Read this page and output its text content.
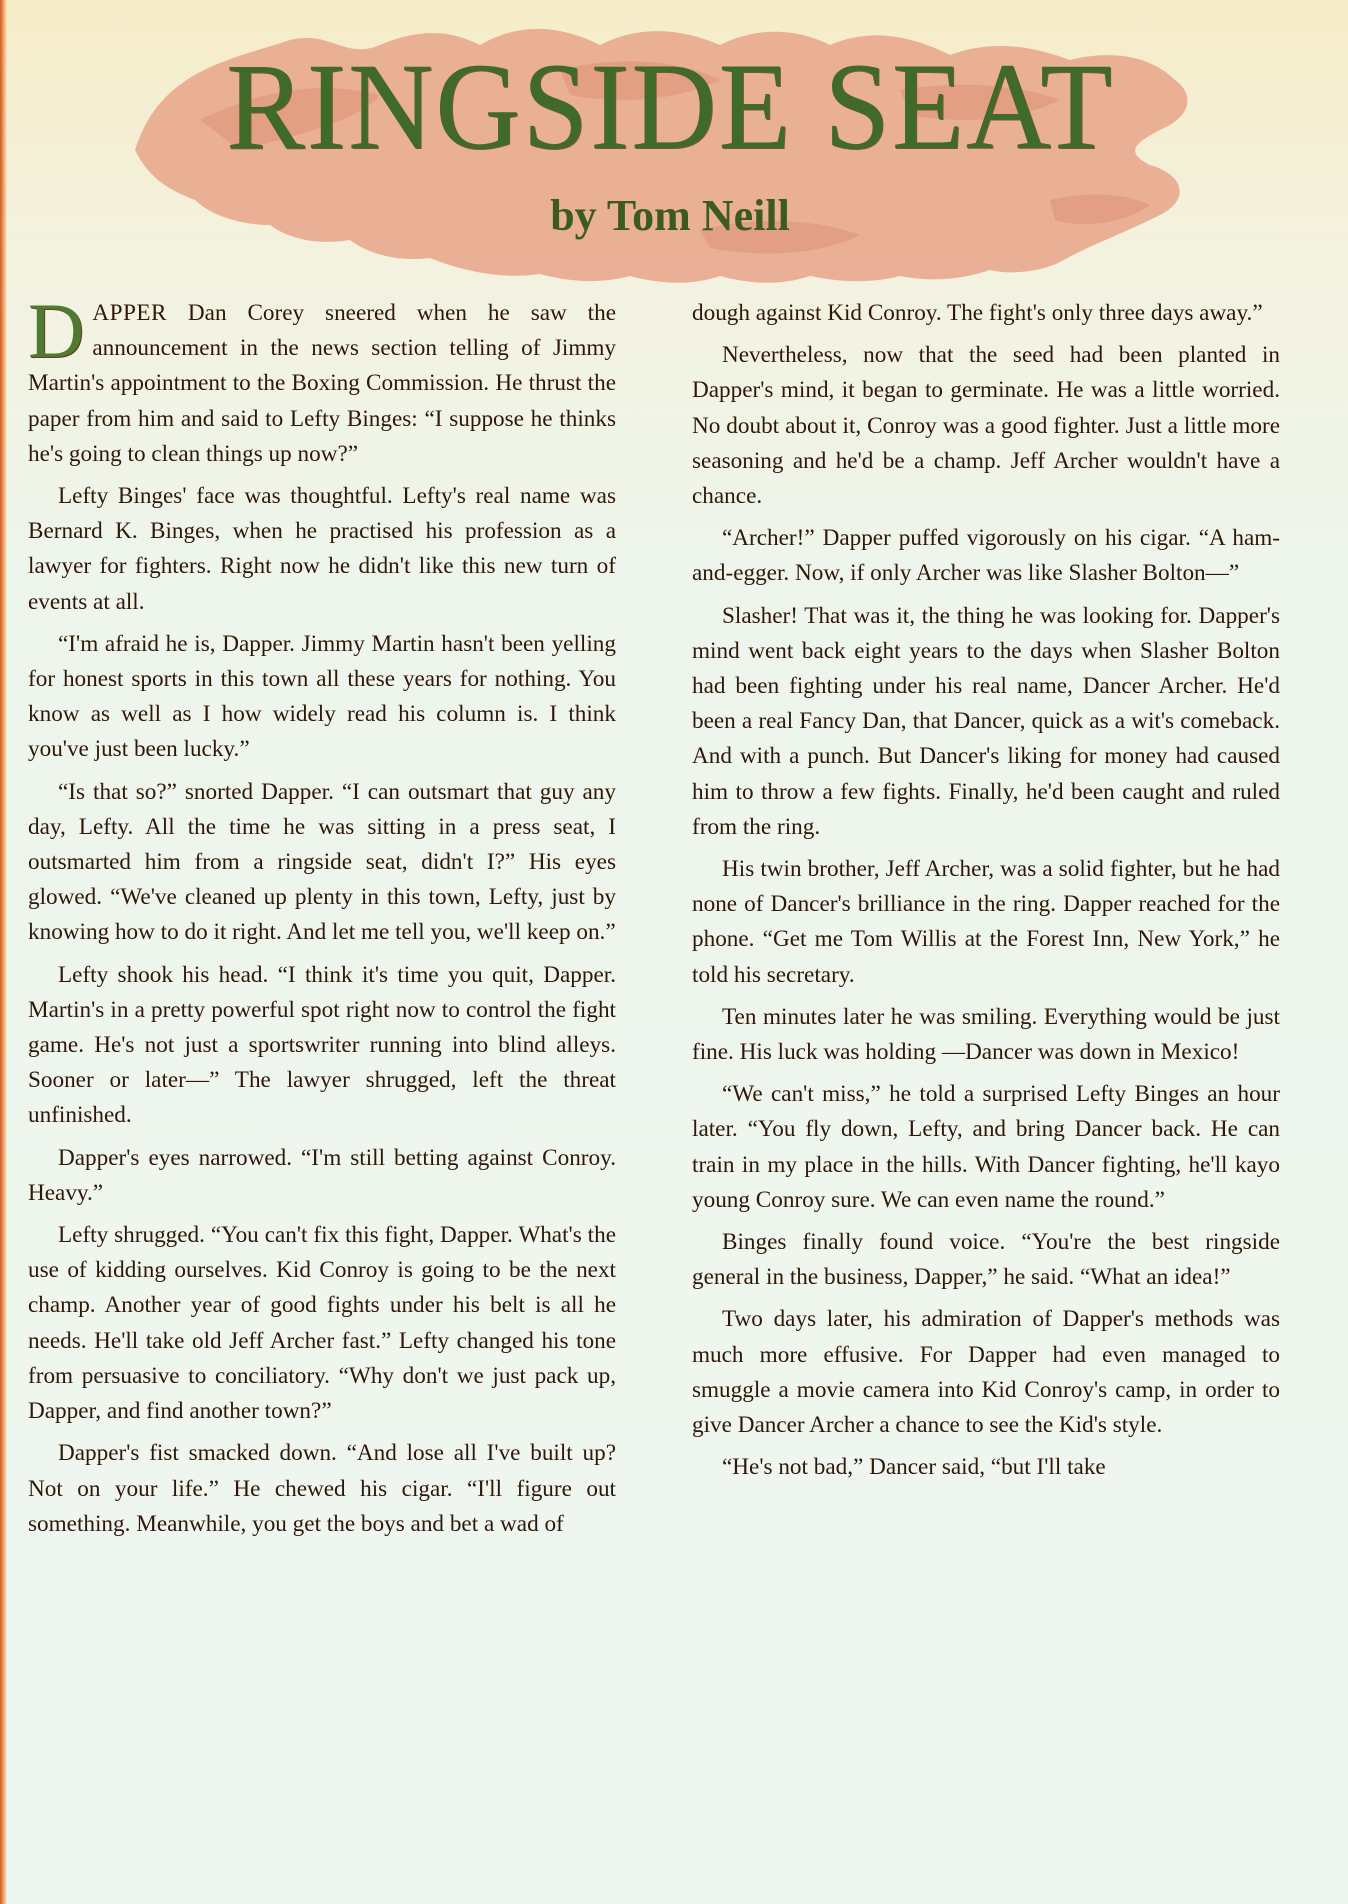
RINGSIDE SEAT
by Tom Neill

DAPPER Dan Corey sneered when he saw the announcement in the news section telling of Jimmy Martin's appointment to the Boxing Commission. He thrust the paper from him and said to Lefty Binges: “I suppose he thinks he's going to clean things up now?”

Lefty Binges' face was thoughtful. Lefty's real name was Bernard K. Binges, when he practised his profession as a lawyer for fighters. Right now he didn't like this new turn of events at all.

“I'm afraid he is, Dapper. Jimmy Martin hasn't been yelling for honest sports in this town all these years for nothing. You know as well as I how widely read his column is. I think you've just been lucky.”

“Is that so?” snorted Dapper. “I can outsmart that guy any day, Lefty. All the time he was sitting in a press seat, I outsmarted him from a ringside seat, didn't I?” His eyes glowed. “We've cleaned up plenty in this town, Lefty, just by knowing how to do it right. And let me tell you, we'll keep on.”

Lefty shook his head. “I think it's time you quit, Dapper. Martin's in a pretty powerful spot right now to control the fight game. He's not just a sportswriter running into blind alleys. Sooner or later—” The lawyer shrugged, left the threat unfinished.

Dapper's eyes narrowed. “I'm still betting against Conroy. Heavy.”

Lefty shrugged. “You can't fix this fight, Dapper. What's the use of kidding ourselves. Kid Conroy is going to be the next champ. Another year of good fights under his belt is all he needs. He'll take old Jeff Archer fast.” Lefty changed his tone from persuasive to conciliatory. “Why don't we just pack up, Dapper, and find another town?”

Dapper's fist smacked down. “And lose all I've built up? Not on your life.” He chewed his cigar. “I'll figure out something. Meanwhile, you get the boys and bet a wad of

dough against Kid Conroy. The fight's only three days away.”

Nevertheless, now that the seed had been planted in Dapper's mind, it began to germinate. He was a little worried. No doubt about it, Conroy was a good fighter. Just a little more seasoning and he'd be a champ. Jeff Archer wouldn't have a chance.

“Archer!” Dapper puffed vigorously on his cigar. “A ham-and-egger. Now, if only Archer was like Slasher Bolton—”

Slasher! That was it, the thing he was looking for. Dapper's mind went back eight years to the days when Slasher Bolton had been fighting under his real name, Dancer Archer. He'd been a real Fancy Dan, that Dancer, quick as a wit's comeback. And with a punch. But Dancer's liking for money had caused him to throw a few fights. Finally, he'd been caught and ruled from the ring.

His twin brother, Jeff Archer, was a solid fighter, but he had none of Dancer's brilliance in the ring. Dapper reached for the phone. “Get me Tom Willis at the Forest Inn, New York,” he told his secretary.

Ten minutes later he was smiling. Everything would be just fine. His luck was holding —Dancer was down in Mexico!

“We can't miss,” he told a surprised Lefty Binges an hour later. “You fly down, Lefty, and bring Dancer back. He can train in my place in the hills. With Dancer fighting, he'll kayo young Conroy sure. We can even name the round.”

Binges finally found voice. “You're the best ringside general in the business, Dapper,” he said. “What an idea!”

Two days later, his admiration of Dapper's methods was much more effusive. For Dapper had even managed to smuggle a movie camera into Kid Conroy's camp, in order to give Dancer Archer a chance to see the Kid's style.

“He's not bad,” Dancer said, “but I'll take
